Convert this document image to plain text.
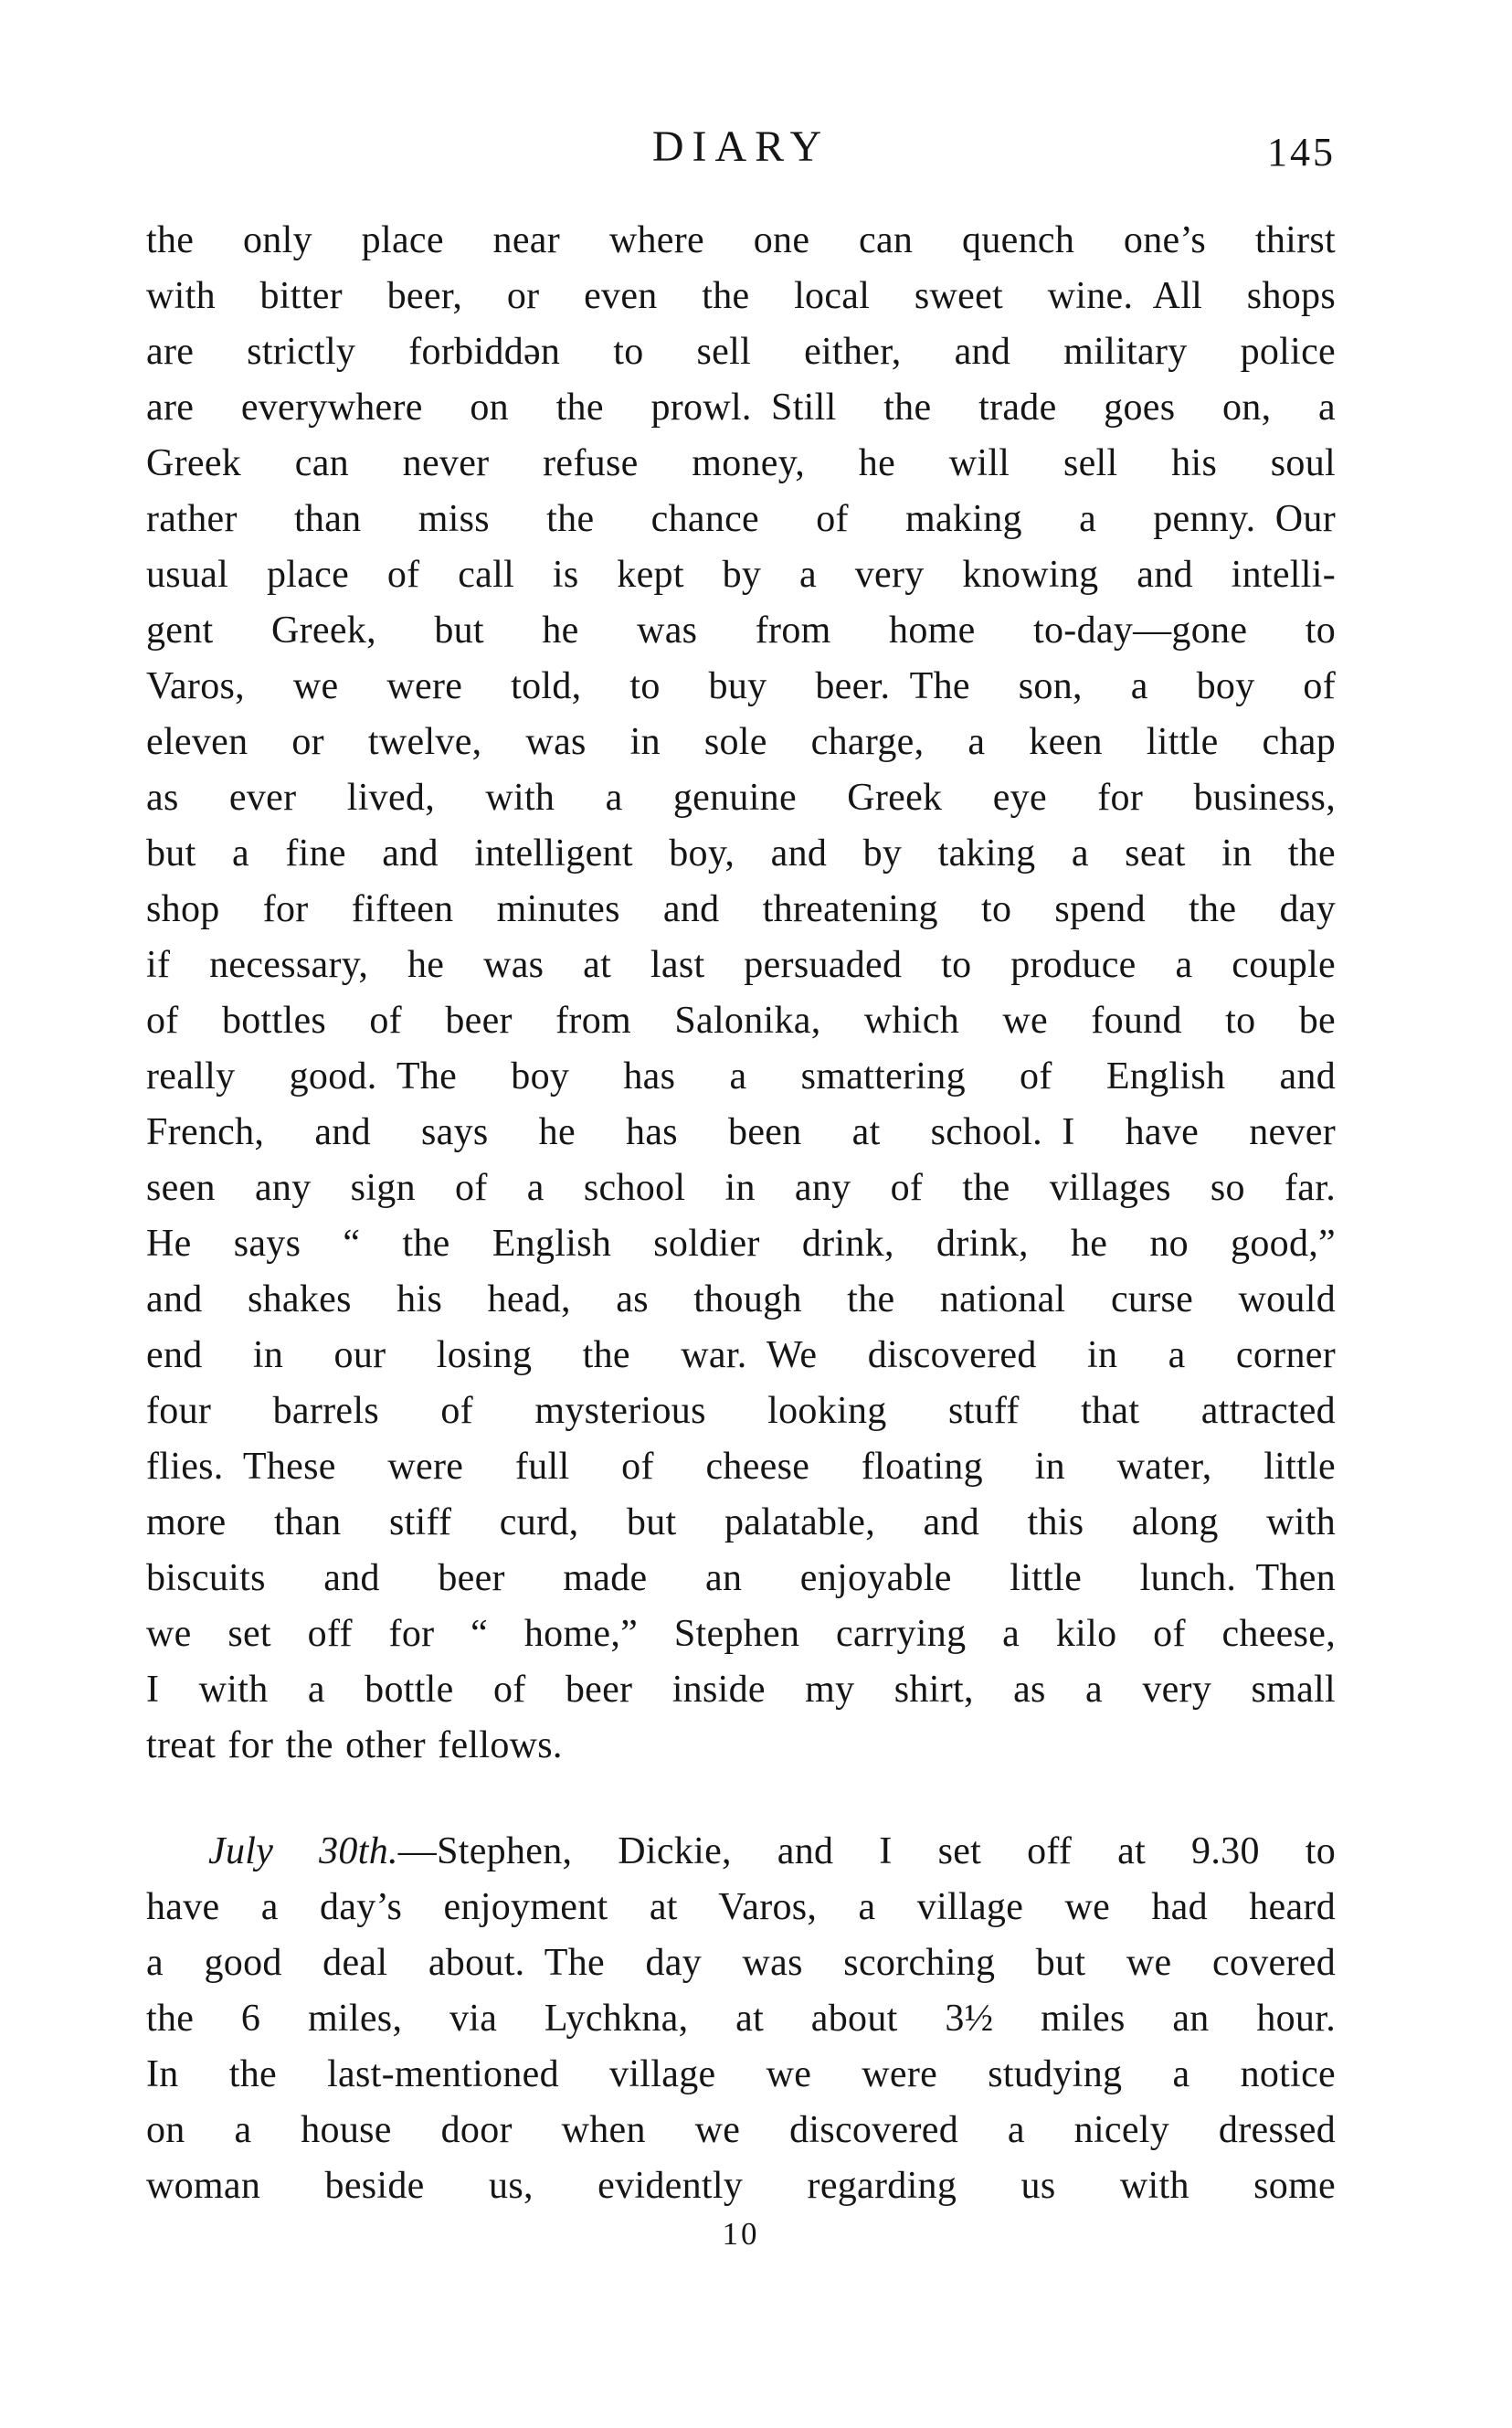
DIARY	145
the only place near where one can quench one’s thirst
with bitter beer, or even the local sweet wine. All shops
are strictly forbiddən to sell either, and military police
are everywhere on the prowl. Still the trade goes on, a
Greek can never refuse money, he will sell his soul
rather than miss the chance of making a penny. Our
usual place of call is kept by a very knowing and intelli-
gent Greek, but he was from home to-day—gone to
Varos, we were told, to buy beer. The son, a boy of
eleven or twelve, was in sole charge, a keen little chap
as ever lived, with a genuine Greek eye for business,
but a fine and intelligent boy, and by taking a seat in the
shop for fifteen minutes and threatening to spend the day
if necessary, he was at last persuaded to produce a couple
of bottles of beer from Salonika, which we found to be
really good. The boy has a smattering of English and
French, and says he has been at school. I have never
seen any sign of a school in any of the villages so far.
He says “ the English soldier drink, drink, he no good,”
and shakes his head, as though the national curse would
end in our losing the war. We discovered in a corner
four barrels of mysterious looking stuff that attracted
flies. These were full of cheese floating in water, little
more than stiff curd, but palatable, and this along with
biscuits and beer made an enjoyable little lunch. Then
we set off for “ home,” Stephen carrying a kilo of cheese,
I with a bottle of beer inside my shirt, as a very small
treat for the other fellows.
July 30th.—Stephen, Dickie, and I set off at 9.30 to
have a day’s enjoyment at Varos, a village we had heard
a good deal about. The day was scorching but we covered
the 6 miles, via Lychkna, at about 3½ miles an hour.
In the last-mentioned village we were studying a notice
on a house door when we discovered a nicely dressed
woman beside us, evidently regarding us with some
10
